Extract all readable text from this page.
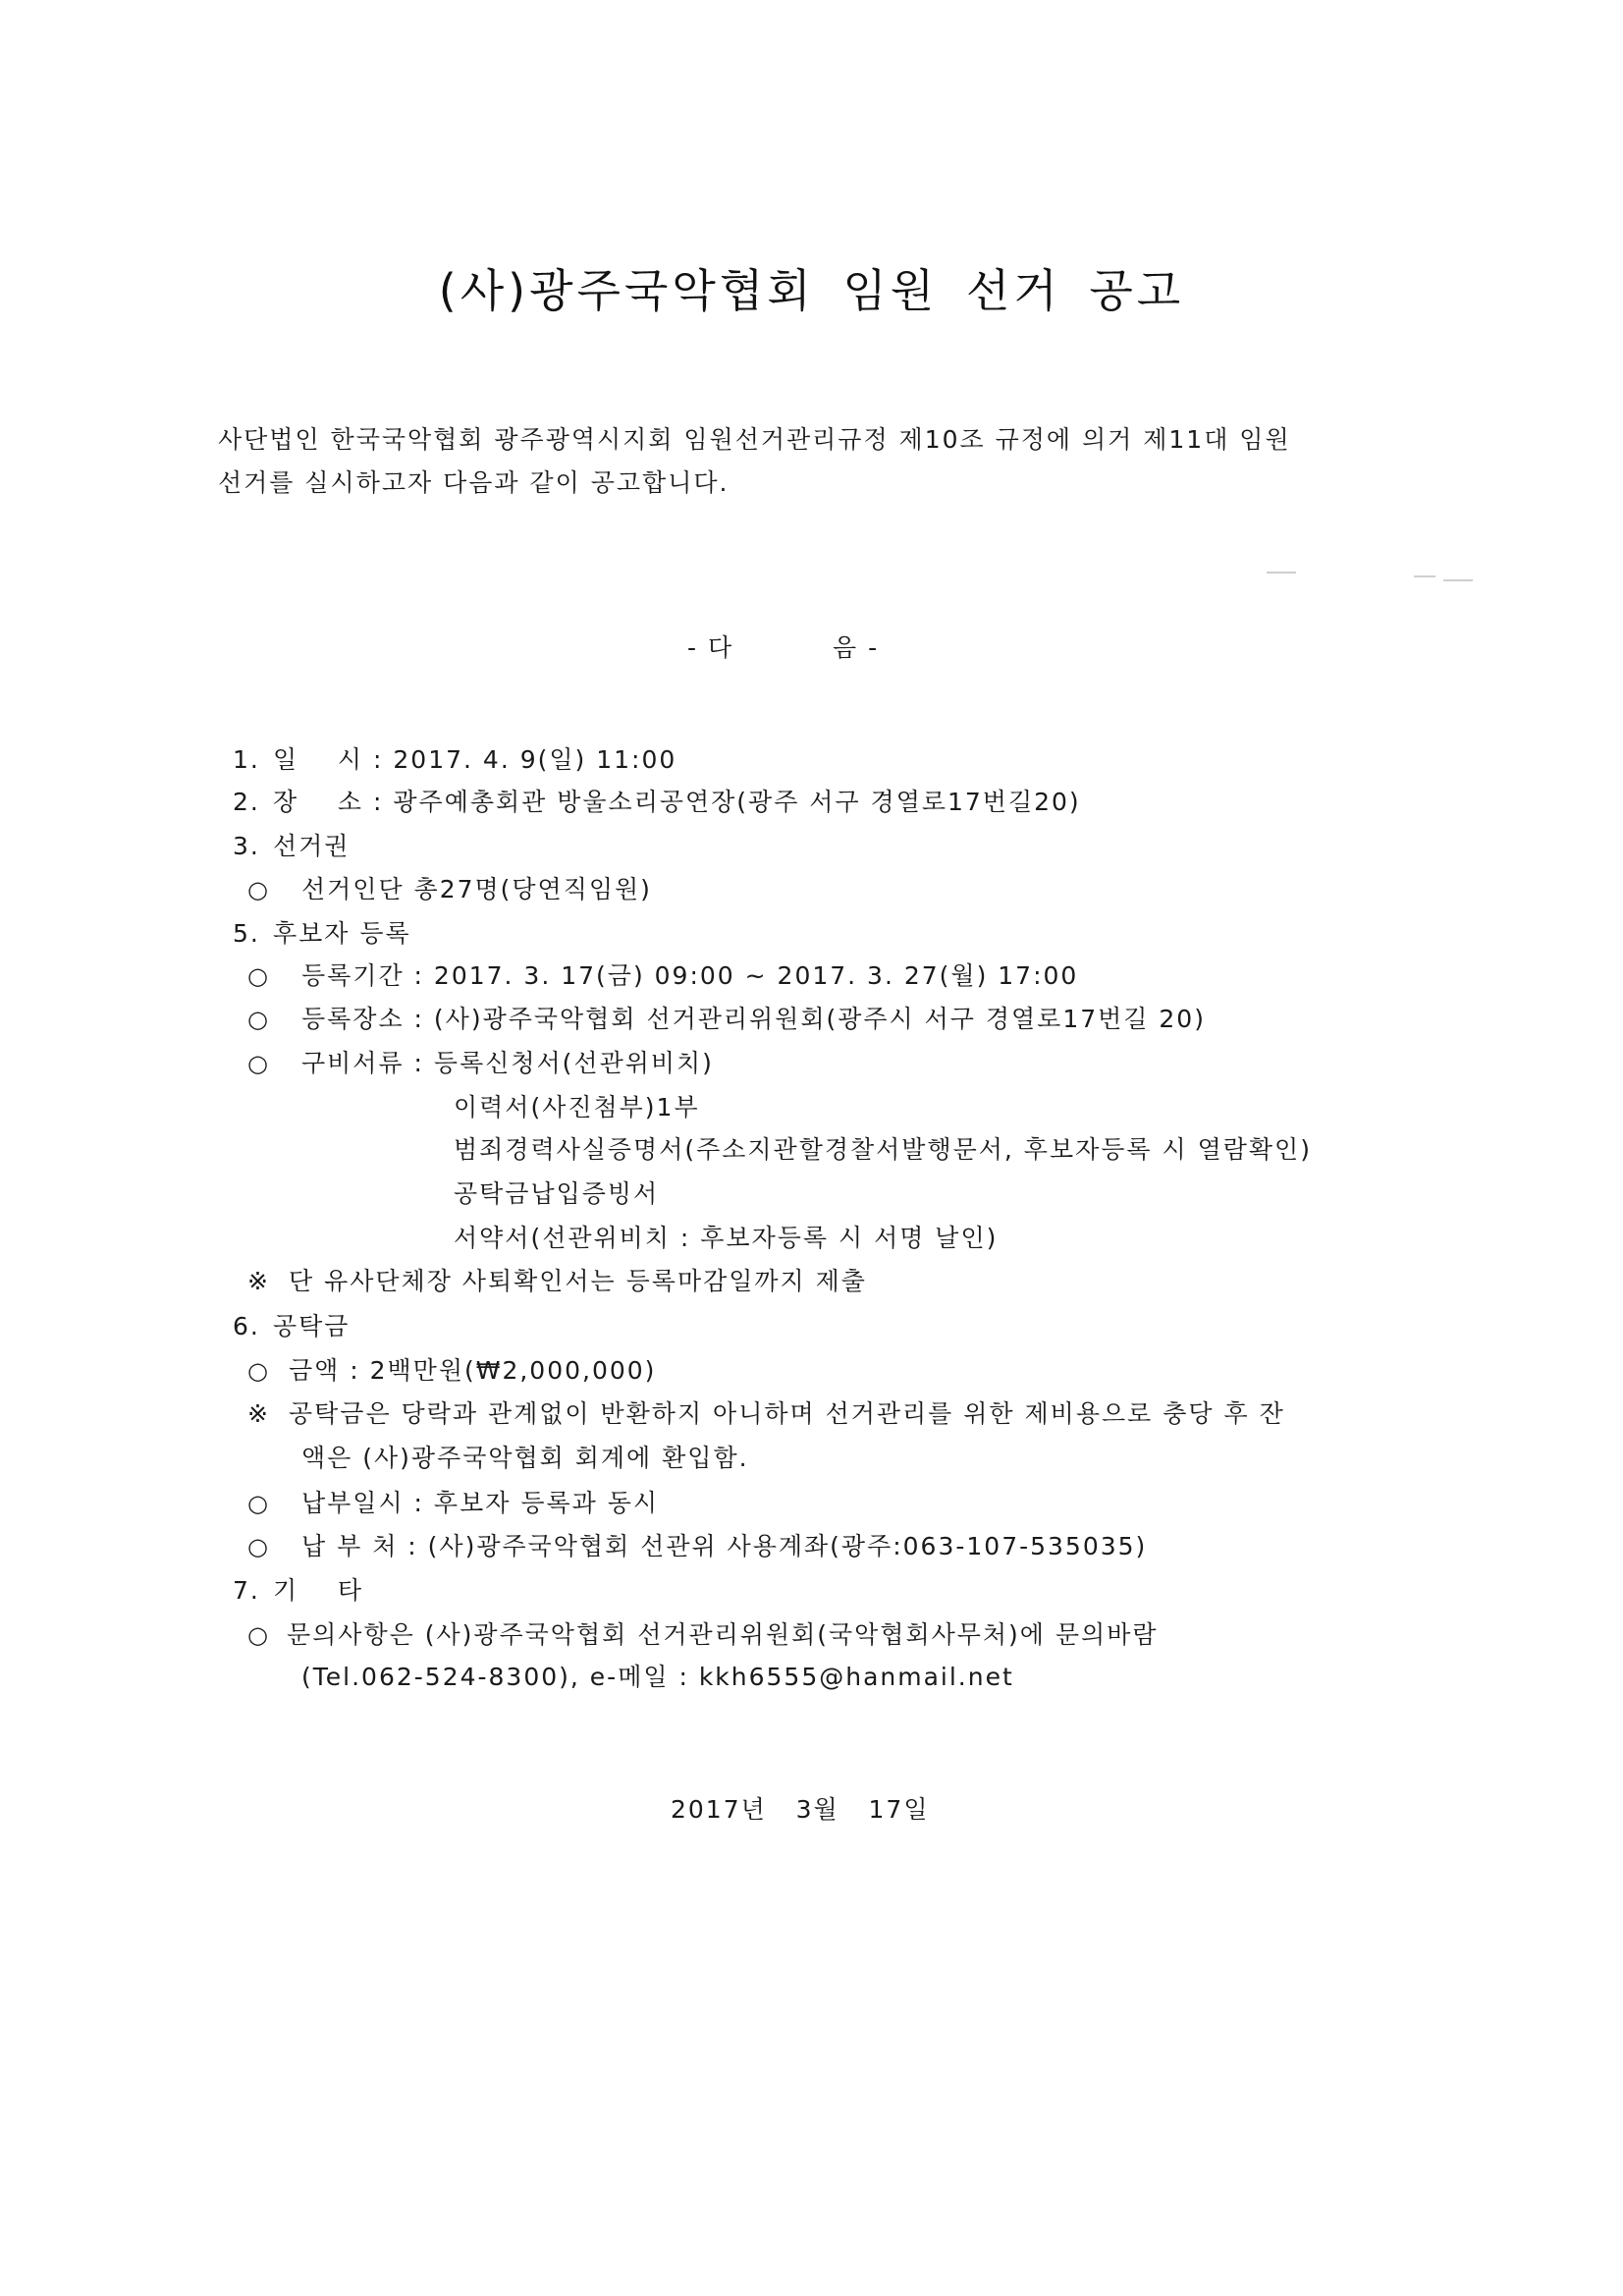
(사)광주국악협회 임원 선거 공고
사단법인 한국국악협회 광주광역시지회 임원선거관리규정 제10조 규정에 의거 제11대 임원
선거를 실시하고자 다음과 같이 공고합니다.
- 다	음 -
1. 일    시 : 2017. 4. 9(일) 11:00
2. 장    소 : 광주예총회관 방울소리공연장(광주 서구 경열로17번길20)
3. 선거권
○ 선거인단 총27명(당연직임원)
5. 후보자 등록
○ 등록기간 : 2017. 3. 17(금) 09:00 ~ 2017. 3. 27(월) 17:00
○ 등록장소 : (사)광주국악협회 선거관리위원회(광주시 서구 경열로17번길 20)
○ 구비서류 : 등록신청서(선관위비치)
이력서(사진첨부)1부
범죄경력사실증명서(주소지관할경찰서발행문서, 후보자등록 시 열람확인)
공탁금납입증빙서
서약서(선관위비치 : 후보자등록 시 서명 날인)
※ 단 유사단체장 사퇴확인서는 등록마감일까지 제출
6. 공탁금
○ 금액 : 2백만원(₩2,000,000)
※ 공탁금은 당락과 관계없이 반환하지 아니하며 선거관리를 위한 제비용으로 충당 후 잔
액은 (사)광주국악협회 회계에 환입함.
○ 납부일시 : 후보자 등록과 동시
○ 납 부 처 : (사)광주국악협회 선관위 사용계좌(광주:063-107-535035)
7. 기    타
○ 문의사항은 (사)광주국악협회 선거관리위원회(국악협회사무처)에 문의바람
(Tel.062-524-8300), e-메일 : kkh6555@hanmail.net
2017년   3월   17일
